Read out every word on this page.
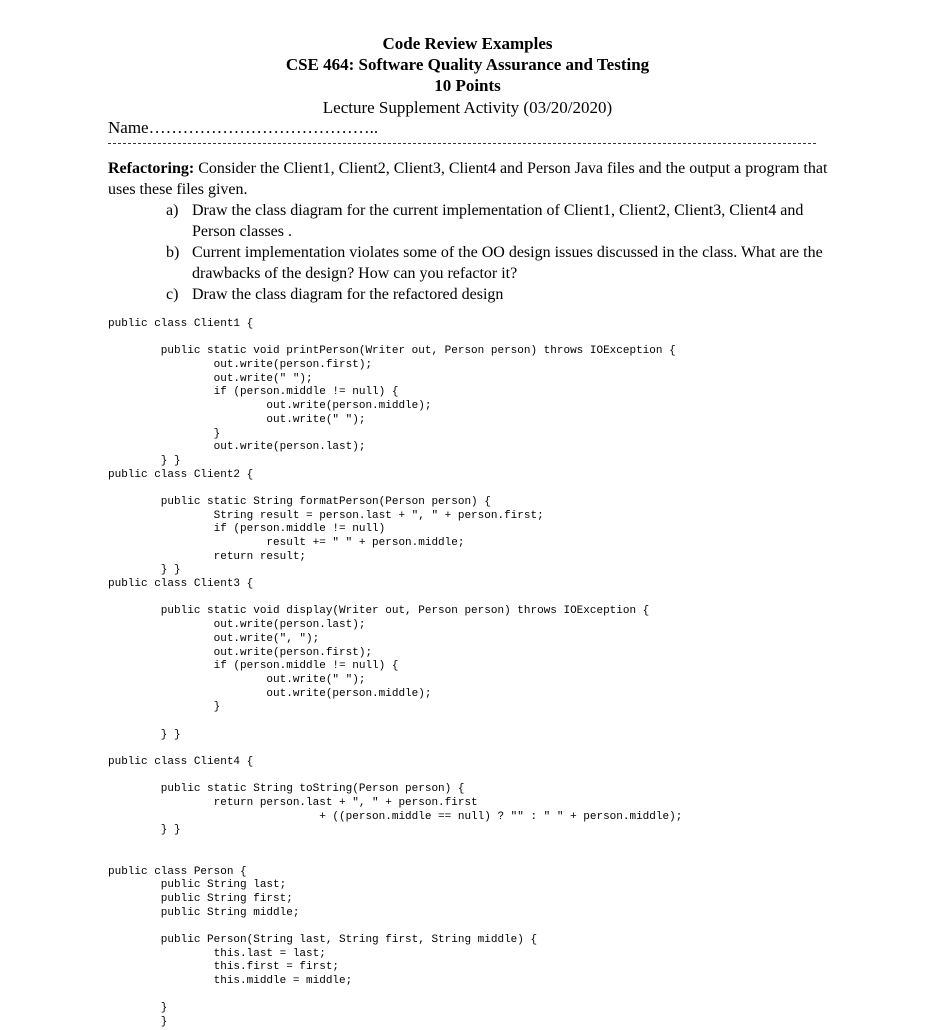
Code Review Examples
CSE 464: Software Quality Assurance and Testing
10 Points
Lecture Supplement Activity (03/20/2020)
Name…………………………………..
Refactoring: Consider the Client1, Client2, Client3, Client4 and Person Java files and the output a program that uses these files given.
a) Draw the class diagram for the current implementation of Client1, Client2, Client3, Client4 and Person classes .
b) Current implementation violates some of the OO design issues discussed in the class. What are the drawbacks of the design? How can you refactor it?
c) Draw the class diagram for the refactored design
public class Client1 {
public static void printPerson(Writer out, Person person) throws IOException {
out.write(person.first);
out.write(" ");
if (person.middle != null) {
out.write(person.middle);
out.write(" ");
}
out.write(person.last);
} }
public class Client2 {
public static String formatPerson(Person person) {
String result = person.last + ", " + person.first;
if (person.middle != null)
result += " " + person.middle;
return result;
} }
public class Client3 {
public static void display(Writer out, Person person) throws IOException {
out.write(person.last);
out.write(", ");
out.write(person.first);
if (person.middle != null) {
out.write(" ");
out.write(person.middle);
}
} }
public class Client4 {
public static String toString(Person person) {
return person.last + ", " + person.first
+ ((person.middle == null) ? "" : " " + person.middle);
} }
public class Person {
public String last;
public String first;
public String middle;
public Person(String last, String first, String middle) {
this.last = last;
this.first = first;
this.middle = middle;
}
}
